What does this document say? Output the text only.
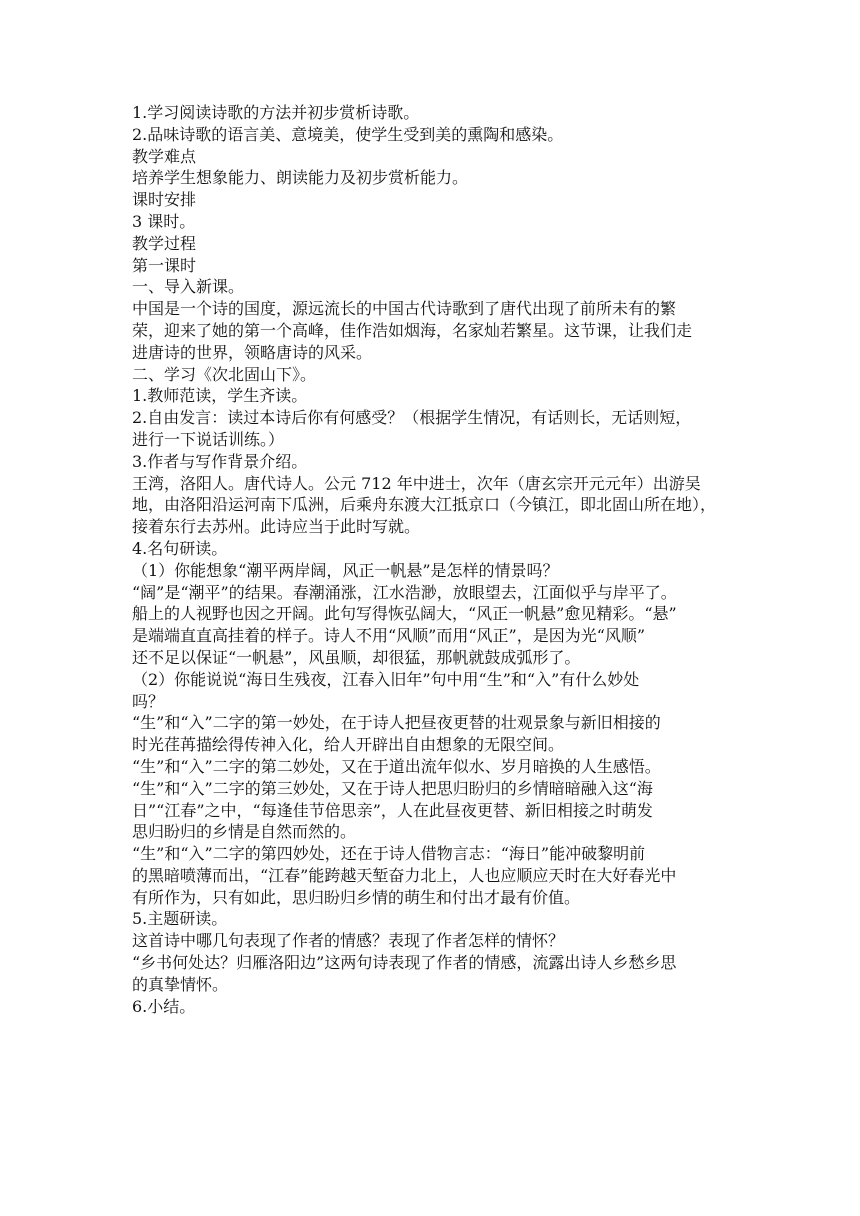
1.学习阅读诗歌的方法并初步赏析诗歌。
2.品味诗歌的语言美、意境美，使学生受到美的熏陶和感染。
教学难点
培养学生想象能力、朗读能力及初步赏析能力。
课时安排
3 课时。
教学过程
第一课时
一、导入新课。
中国是一个诗的国度，源远流长的中国古代诗歌到了唐代出现了前所未有的繁
荣，迎来了她的第一个高峰，佳作浩如烟海，名家灿若繁星。这节课，让我们走
进唐诗的世界，领略唐诗的风采。
二、学习《次北固山下》。
1.教师范读，学生齐读。
2.自由发言：读过本诗后你有何感受？（根据学生情况，有话则长，无话则短，
进行一下说话训练。）
3.作者与写作背景介绍。
王湾，洛阳人。唐代诗人。公元 712 年中进士，次年（唐玄宗开元元年）出游吴
地，由洛阳沿运河南下瓜洲，后乘舟东渡大江抵京口（今镇江，即北固山所在地），
接着东行去苏州。此诗应当于此时写就。
4.名句研读。
（1）你能想象“潮平两岸阔，风正一帆悬”是怎样的情景吗？
“阔”是“潮平”的结果。春潮涌涨，江水浩渺，放眼望去，江面似乎与岸平了。
船上的人视野也因之开阔。此句写得恢弘阔大，“风正一帆悬”愈见精彩。“悬”
是端端直直高挂着的样子。诗人不用“风顺”而用“风正”，是因为光“风顺”
还不足以保证“一帆悬”，风虽顺，却很猛，那帆就鼓成弧形了。
（2）你能说说“海日生残夜，江春入旧年”句中用“生”和“入”有什么妙处
吗？
“生”和“入”二字的第一妙处，在于诗人把昼夜更替的壮观景象与新旧相接的
时光荏苒描绘得传神入化，给人开辟出自由想象的无限空间。
“生”和“入”二字的第二妙处，又在于道出流年似水、岁月暗换的人生感悟。
“生”和“入”二字的第三妙处，又在于诗人把思归盼归的乡情暗暗融入这“海
日”“江春”之中，“每逢佳节倍思亲”，人在此昼夜更替、新旧相接之时萌发
思归盼归的乡情是自然而然的。
“生”和“入”二字的第四妙处，还在于诗人借物言志：“海日”能冲破黎明前
的黑暗喷薄而出，“江春”能跨越天堑奋力北上，人也应顺应天时在大好春光中
有所作为，只有如此，思归盼归乡情的萌生和付出才最有价值。
5.主题研读。
这首诗中哪几句表现了作者的情感？表现了作者怎样的情怀？
“乡书何处达？归雁洛阳边”这两句诗表现了作者的情感，流露出诗人乡愁乡思
的真挚情怀。
6.小结。
